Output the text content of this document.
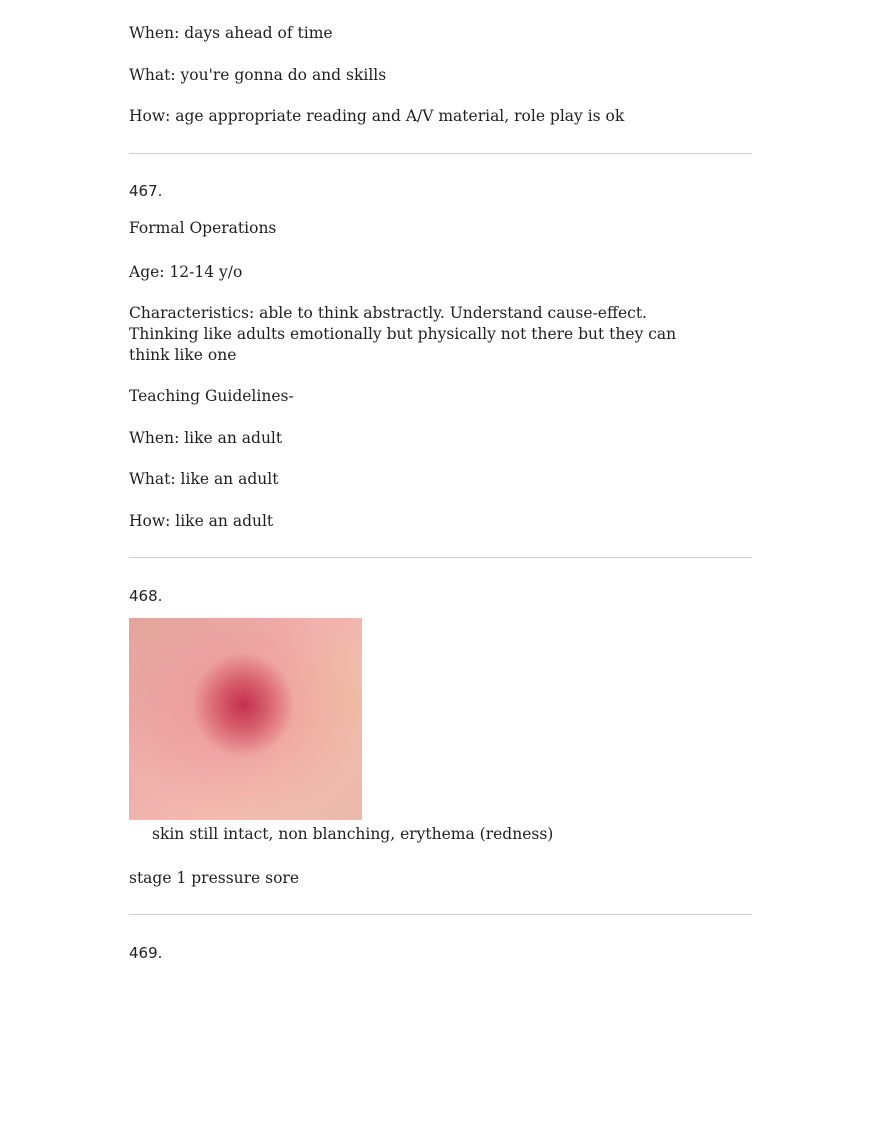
When: days ahead of time

What: you're gonna do and skills

How: age appropriate reading and A/V material, role play is ok

467.

Formal Operations

Age: 12-14 y/o

Characteristics: able to think abstractly. Understand cause-effect. Thinking like adults emotionally but physically not there but they can think like one

Teaching Guidelines-

When: like an adult

What: like an adult

How: like an adult

468.

skin still intact, non blanching, erythema (redness)

stage 1 pressure sore

469.
